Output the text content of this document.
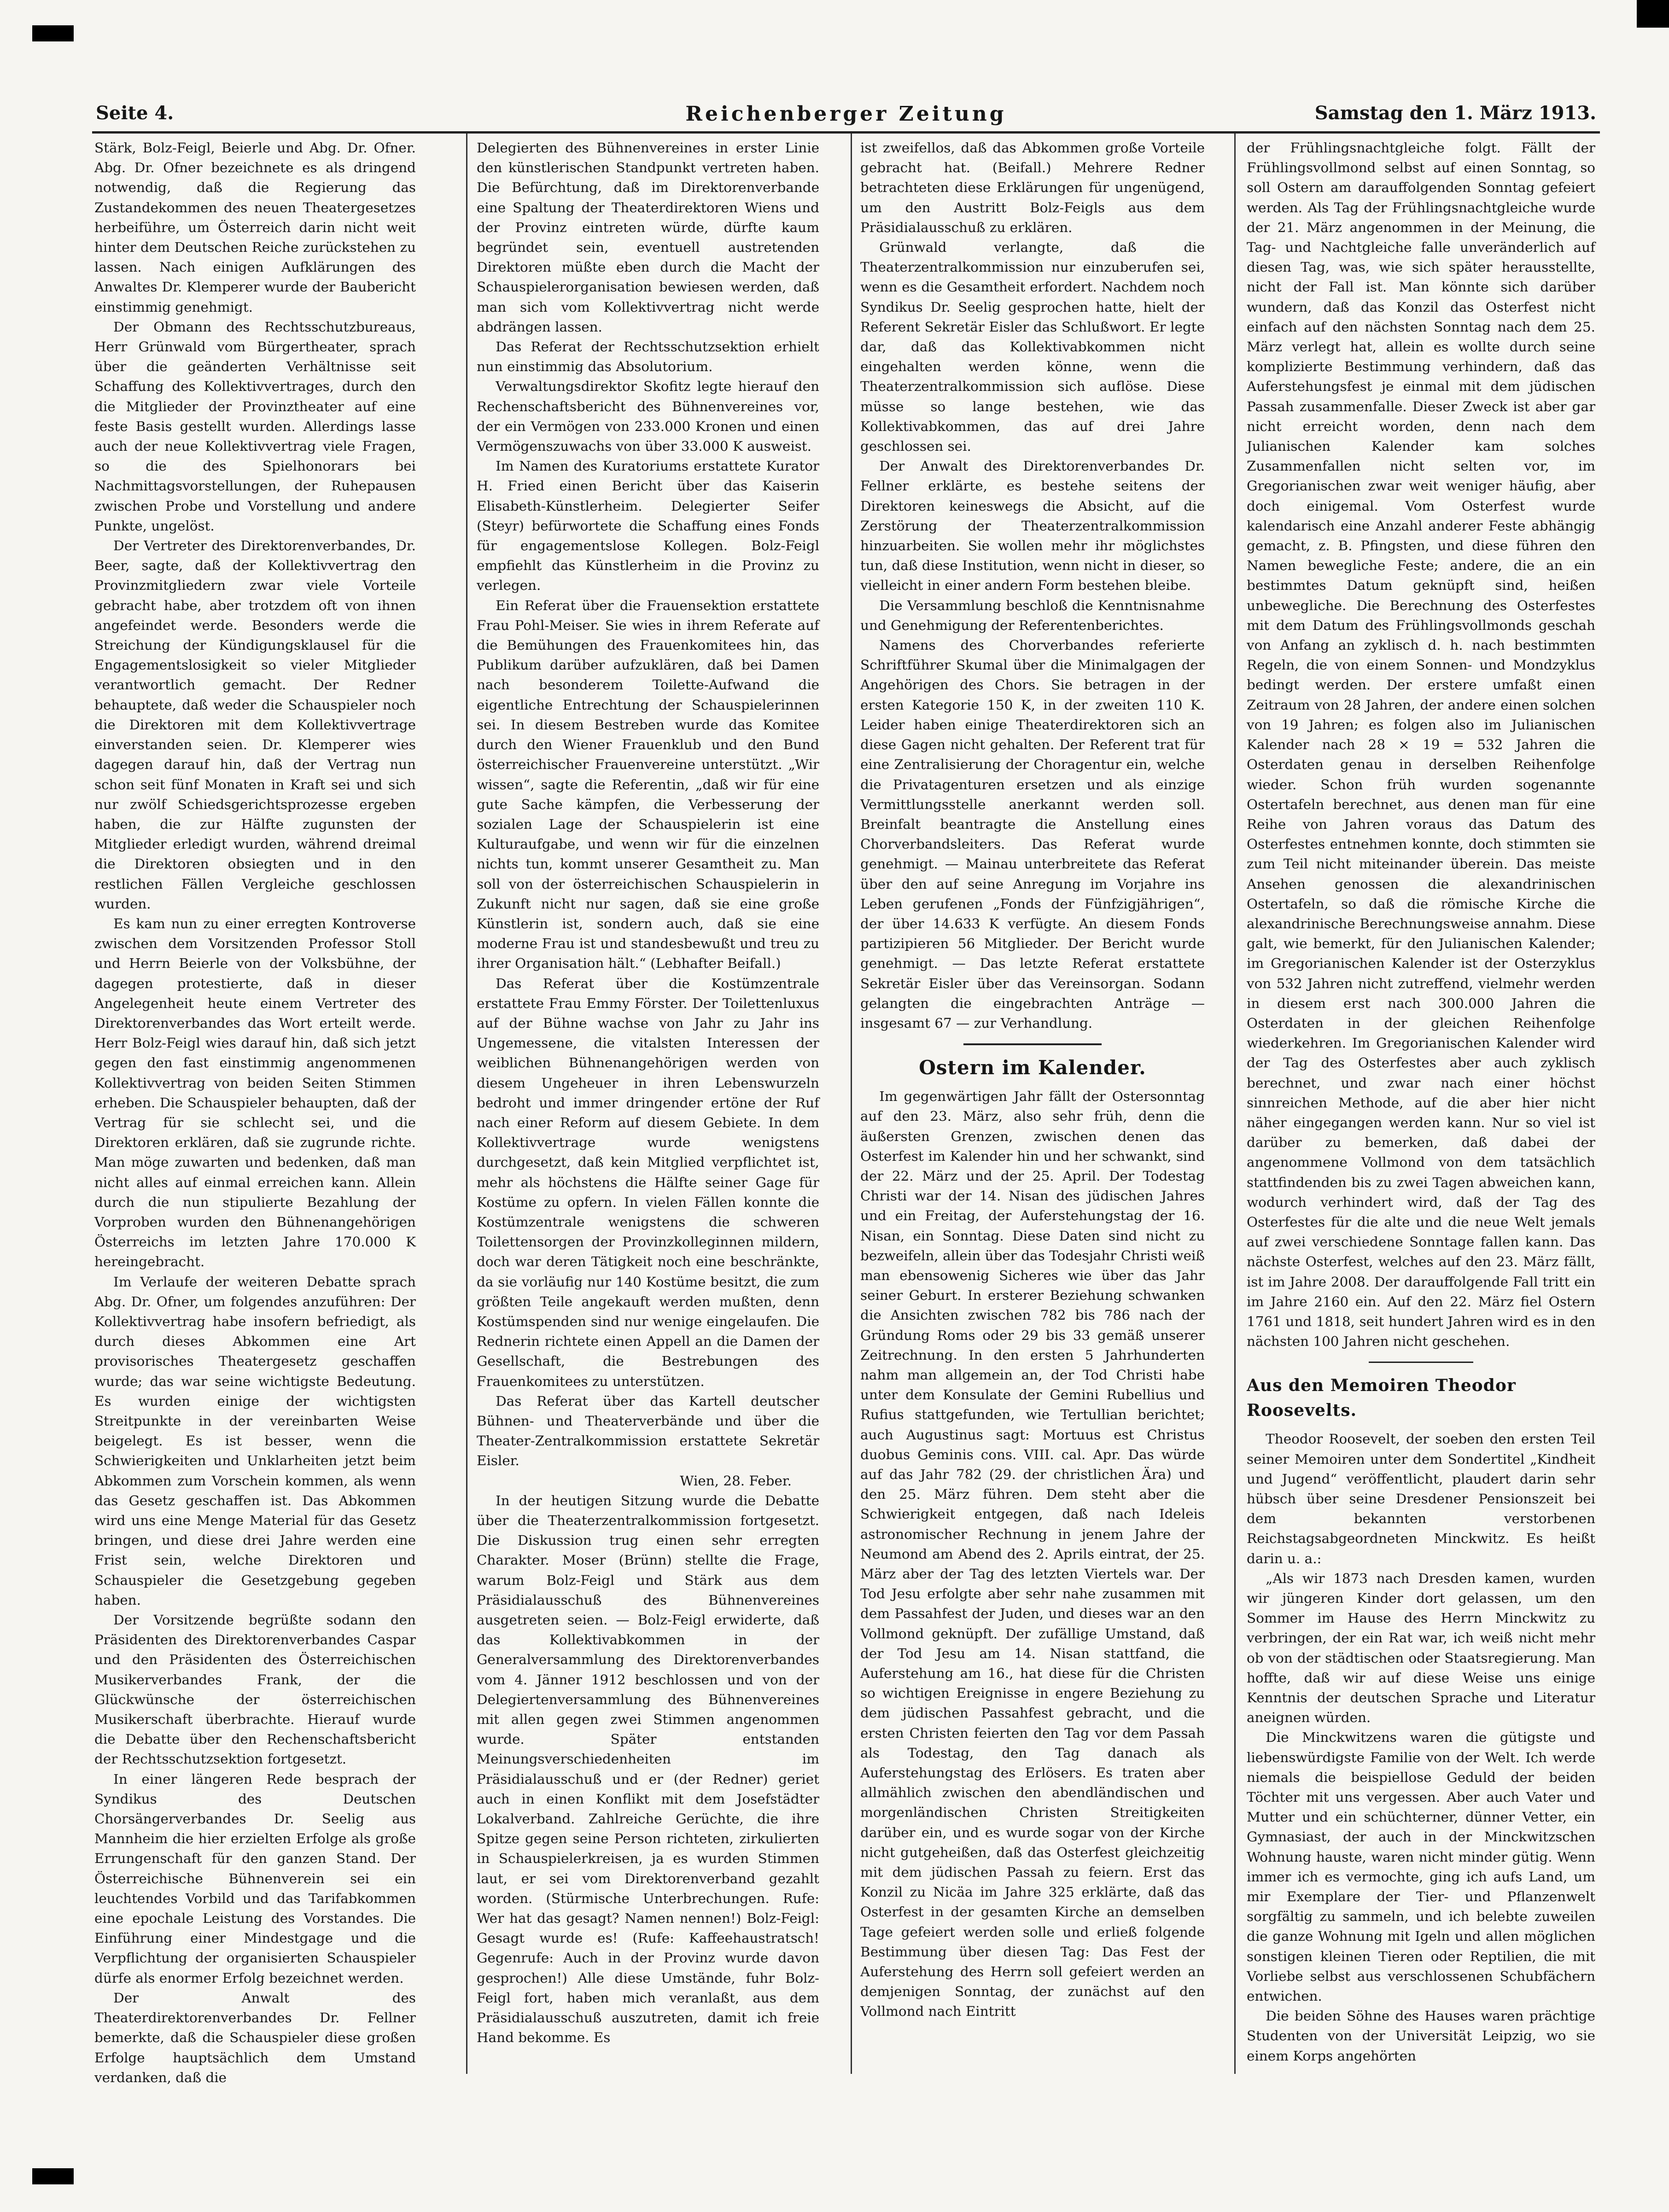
Seite 4.	Reichenberger Zeitung	Samstag den 1. März 1913.

Stärk, Bolz-Feigl, Beierle und Abg. Dr. Ofner. Abg. Dr. Ofner bezeichnete es als dringend notwendig, daß die Regierung das Zustandekommen des neuen Theatergesetzes herbeiführe, um Österreich darin nicht weit hinter dem Deutschen Reiche zurückstehen zu lassen. Nach einigen Aufklärungen des Anwaltes Dr. Klemperer wurde der Baubericht einstimmig genehmigt.

Der Obmann des Rechtsschutzbureaus, Herr Grünwald vom Bürgertheater, sprach über die geänderten Verhältnisse seit Schaffung des Kollektivvertrages, durch den die Mitglieder der Provinztheater auf eine feste Basis gestellt wurden. Allerdings lasse auch der neue Kollektivvertrag viele Fragen, so die des Spielhonorars bei Nachmittagsvorstellungen, der Ruhepausen zwischen Probe und Vorstellung und andere Punkte, ungelöst.

Der Vertreter des Direktorenverbandes, Dr. Beer, sagte, daß der Kollektivvertrag den Provinzmitgliedern zwar viele Vorteile gebracht habe, aber trotzdem oft von ihnen angefeindet werde. Besonders werde die Streichung der Kündigungsklausel für die Engagementslosigkeit so vieler Mitglieder verantwortlich gemacht. Der Redner behauptete, daß weder die Schauspieler noch die Direktoren mit dem Kollektivvertrage einverstanden seien. Dr. Klemperer wies dagegen darauf hin, daß der Vertrag nun schon seit fünf Monaten in Kraft sei und sich nur zwölf Schiedsgerichtsprozesse ergeben haben, die zur Hälfte zugunsten der Mitglieder erledigt wurden, während dreimal die Direktoren obsiegten und in den restlichen Fällen Vergleiche geschlossen wurden.

Es kam nun zu einer erregten Kontroverse zwischen dem Vorsitzenden Professor Stoll und Herrn Beierle von der Volksbühne, der dagegen protestierte, daß in dieser Angelegenheit heute einem Vertreter des Direktorenverbandes das Wort erteilt werde. Herr Bolz-Feigl wies darauf hin, daß sich jetzt gegen den fast einstimmig angenommenen Kollektivvertrag von beiden Seiten Stimmen erheben. Die Schauspieler behaupten, daß der Vertrag für sie schlecht sei, und die Direktoren erklären, daß sie zugrunde richte. Man möge zuwarten und bedenken, daß man nicht alles auf einmal erreichen kann. Allein durch die nun stipulierte Bezahlung der Vorproben wurden den Bühnenangehörigen Österreichs im letzten Jahre 170.000 K hereingebracht.

Im Verlaufe der weiteren Debatte sprach Abg. Dr. Ofner, um folgendes anzuführen: Der Kollektivvertrag habe insofern befriedigt, als durch dieses Abkommen eine Art provisorisches Theatergesetz geschaffen wurde; das war seine wichtigste Bedeutung. Es wurden einige der wichtigsten Streitpunkte in der vereinbarten Weise beigelegt. Es ist besser, wenn die Schwierigkeiten und Unklarheiten jetzt beim Abkommen zum Vorschein kommen, als wenn das Gesetz geschaffen ist. Das Abkommen wird uns eine Menge Material für das Gesetz bringen, und diese drei Jahre werden eine Frist sein, welche Direktoren und Schauspieler die Gesetzgebung gegeben haben.

Der Vorsitzende begrüßte sodann den Präsidenten des Direktorenverbandes Caspar und den Präsidenten des Österreichischen Musikerverbandes Frank, der die Glückwünsche der österreichischen Musikerschaft überbrachte. Hierauf wurde die Debatte über den Rechenschaftsbericht der Rechtsschutzsektion fortgesetzt.

In einer längeren Rede besprach der Syndikus des Deutschen Chorsängerverbandes Dr. Seelig aus Mannheim die hier erzielten Erfolge als große Errungenschaft für den ganzen Stand. Der Österreichische Bühnenverein sei ein leuchtendes Vorbild und das Tarifabkommen eine epochale Leistung des Vorstandes. Die Einführung einer Mindestgage und die Verpflichtung der organisierten Schauspieler dürfe als enormer Erfolg bezeichnet werden.

Der Anwalt des Theaterdirektorenverbandes Dr. Fellner bemerkte, daß die Schauspieler diese großen Erfolge hauptsächlich dem Umstand verdanken, daß die

Delegierten des Bühnenvereines in erster Linie den künstlerischen Standpunkt vertreten haben. Die Befürchtung, daß im Direktorenverbande eine Spaltung der Theaterdirektoren Wiens und der Provinz eintreten würde, dürfte kaum begründet sein, eventuell austretenden Direktoren müßte eben durch die Macht der Schauspielerorganisation bewiesen werden, daß man sich vom Kollektivvertrag nicht werde abdrängen lassen.

Das Referat der Rechtsschutzsektion erhielt nun einstimmig das Absolutorium.

Verwaltungsdirektor Skofitz legte hierauf den Rechenschaftsbericht des Bühnenvereines vor, der ein Vermögen von 233.000 Kronen und einen Vermögenszuwachs von über 33.000 K ausweist.

Im Namen des Kuratoriums erstattete Kurator H. Fried einen Bericht über das Kaiserin Elisabeth-Künstlerheim. Delegierter Seifer (Steyr) befürwortete die Schaffung eines Fonds für engagementslose Kollegen. Bolz-Feigl empfiehlt das Künstlerheim in die Provinz zu verlegen.

Ein Referat über die Frauensektion erstattete Frau Pohl-Meiser. Sie wies in ihrem Referate auf die Bemühungen des Frauenkomitees hin, das Publikum darüber aufzuklären, daß bei Damen nach besonderem Toilette-Aufwand die eigentliche Entrechtung der Schauspielerinnen sei. In diesem Bestreben wurde das Komitee durch den Wiener Frauenklub und den Bund österreichischer Frauenvereine unterstützt. „Wir wissen“, sagte die Referentin, „daß wir für eine gute Sache kämpfen, die Verbesserung der sozialen Lage der Schauspielerin ist eine Kulturaufgabe, und wenn wir für die einzelnen nichts tun, kommt unserer Gesamtheit zu. Man soll von der österreichischen Schauspielerin in Zukunft nicht nur sagen, daß sie eine große Künstlerin ist, sondern auch, daß sie eine moderne Frau ist und standesbewußt und treu zu ihrer Organisation hält.“ (Lebhafter Beifall.)

Das Referat über die Kostümzentrale erstattete Frau Emmy Förster. Der Toilettenluxus auf der Bühne wachse von Jahr zu Jahr ins Ungemessene, die vitalsten Interessen der weiblichen Bühnenangehörigen werden von diesem Ungeheuer in ihren Lebenswurzeln bedroht und immer dringender ertöne der Ruf nach einer Reform auf diesem Gebiete. In dem Kollektivvertrage wurde wenigstens durchgesetzt, daß kein Mitglied verpflichtet ist, mehr als höchstens die Hälfte seiner Gage für Kostüme zu opfern. In vielen Fällen konnte die Kostümzentrale wenigstens die schweren Toilettensorgen der Provinzkolleginnen mildern, doch war deren Tätigkeit noch eine beschränkte, da sie vorläufig nur 140 Kostüme besitzt, die zum größten Teile angekauft werden mußten, denn Kostümspenden sind nur wenige eingelaufen. Die Rednerin richtete einen Appell an die Damen der Gesellschaft, die Bestrebungen des Frauenkomitees zu unterstützen.

Das Referat über das Kartell deutscher Bühnen- und Theaterverbände und über die Theater-Zentralkommission erstattete Sekretär Eisler.

Wien, 28. Feber.

In der heutigen Sitzung wurde die Debatte über die Theaterzentralkommission fortgesetzt. Die Diskussion trug einen sehr erregten Charakter. Moser (Brünn) stellte die Frage, warum Bolz-Feigl und Stärk aus dem Präsidialausschuß des Bühnenvereines ausgetreten seien. — Bolz-Feigl erwiderte, daß das Kollektivabkommen in der Generalversammlung des Direktorenverbandes vom 4. Jänner 1912 beschlossen und von der Delegiertenversammlung des Bühnenvereines mit allen gegen zwei Stimmen angenommen wurde. Später entstanden Meinungsverschiedenheiten im Präsidialausschuß und er (der Redner) geriet auch in einen Konflikt mit dem Josefstädter Lokalverband. Zahlreiche Gerüchte, die ihre Spitze gegen seine Person richteten, zirkulierten in Schauspielerkreisen, ja es wurden Stimmen laut, er sei vom Direktorenverband gezahlt worden. (Stürmische Unterbrechungen. Rufe: Wer hat das gesagt? Namen nennen!) Bolz-Feigl: Gesagt wurde es! (Rufe: Kaffeehaustratsch! Gegenrufe: Auch in der Provinz wurde davon gesprochen!) Alle diese Umstände, fuhr Bolz-Feigl fort, haben mich veranlaßt, aus dem Präsidialausschuß auszutreten, damit ich freie Hand bekomme. Es

ist zweifellos, daß das Abkommen große Vorteile gebracht hat. (Beifall.) Mehrere Redner betrachteten diese Erklärungen für ungenügend, um den Austritt Bolz-Feigls aus dem Präsidialausschuß zu erklären.

Grünwald verlangte, daß die Theaterzentralkommission nur einzuberufen sei, wenn es die Gesamtheit erfordert. Nachdem noch Syndikus Dr. Seelig gesprochen hatte, hielt der Referent Sekretär Eisler das Schlußwort. Er legte dar, daß das Kollektivabkommen nicht eingehalten werden könne, wenn die Theaterzentralkommission sich auflöse. Diese müsse so lange bestehen, wie das Kollektivabkommen, das auf drei Jahre geschlossen sei.

Der Anwalt des Direktorenverbandes Dr. Fellner erklärte, es bestehe seitens der Direktoren keineswegs die Absicht, auf die Zerstörung der Theaterzentralkommission hinzuarbeiten. Sie wollen mehr ihr möglichstes tun, daß diese Institution, wenn nicht in dieser, so vielleicht in einer andern Form bestehen bleibe.

Die Versammlung beschloß die Kenntnisnahme und Genehmigung der Referentenberichtes.

Namens des Chorverbandes referierte Schriftführer Skumal über die Minimalgagen der Angehörigen des Chors. Sie betragen in der ersten Kategorie 150 K, in der zweiten 110 K. Leider haben einige Theaterdirektoren sich an diese Gagen nicht gehalten. Der Referent trat für eine Zentralisierung der Choragentur ein, welche die Privatagenturen ersetzen und als einzige Vermittlungsstelle anerkannt werden soll. Breinfalt beantragte die Anstellung eines Chorverbandsleiters. Das Referat wurde genehmigt. — Mainau unterbreitete das Referat über den auf seine Anregung im Vorjahre ins Leben gerufenen „Fonds der Fünfzigjährigen“, der über 14.633 K verfügte. An diesem Fonds partizipieren 56 Mitglieder. Der Bericht wurde genehmigt. — Das letzte Referat erstattete Sekretär Eisler über das Vereinsorgan. Sodann gelangten die eingebrachten Anträge — insgesamt 67 — zur Verhandlung.

Ostern im Kalender.

Im gegenwärtigen Jahr fällt der Ostersonntag auf den 23. März, also sehr früh, denn die äußersten Grenzen, zwischen denen das Osterfest im Kalender hin und her schwankt, sind der 22. März und der 25. April. Der Todestag Christi war der 14. Nisan des jüdischen Jahres und ein Freitag, der Auferstehungstag der 16. Nisan, ein Sonntag. Diese Daten sind nicht zu bezweifeln, allein über das Todesjahr Christi weiß man ebensowenig Sicheres wie über das Jahr seiner Geburt. In ersterer Beziehung schwanken die Ansichten zwischen 782 bis 786 nach der Gründung Roms oder 29 bis 33 gemäß unserer Zeitrechnung. In den ersten 5 Jahrhunderten nahm man allgemein an, der Tod Christi habe unter dem Konsulate der Gemini Rubellius und Rufius stattgefunden, wie Tertullian berichtet; auch Augustinus sagt: Mortuus est Christus duobus Geminis cons. VIII. cal. Apr. Das würde auf das Jahr 782 (29. der christlichen Ära) und den 25. März führen. Dem steht aber die Schwierigkeit entgegen, daß nach Ideleis astronomischer Rechnung in jenem Jahre der Neumond am Abend des 2. Aprils eintrat, der 25. März aber der Tag des letzten Viertels war. Der Tod Jesu erfolgte aber sehr nahe zusammen mit dem Passahfest der Juden, und dieses war an den Vollmond geknüpft. Der zufällige Umstand, daß der Tod Jesu am 14. Nisan stattfand, die Auferstehung am 16., hat diese für die Christen so wichtigen Ereignisse in engere Beziehung zu dem jüdischen Passahfest gebracht, und die ersten Christen feierten den Tag vor dem Passah als Todestag, den Tag danach als Auferstehungstag des Erlösers. Es traten aber allmählich zwischen den abendländischen und morgenländischen Christen Streitigkeiten darüber ein, und es wurde sogar von der Kirche nicht gutgeheißen, daß das Osterfest gleichzeitig mit dem jüdischen Passah zu feiern. Erst das Konzil zu Nicäa im Jahre 325 erklärte, daß das Osterfest in der gesamten Kirche an demselben Tage gefeiert werden solle und erließ folgende Bestimmung über diesen Tag: Das Fest der Auferstehung des Herrn soll gefeiert werden an demjenigen Sonntag, der zunächst auf den Vollmond nach Eintritt

der Frühlingsnachtgleiche folgt. Fällt der Frühlingsvollmond selbst auf einen Sonntag, so soll Ostern am darauffolgenden Sonntag gefeiert werden. Als Tag der Frühlingsnachtgleiche wurde der 21. März angenommen in der Meinung, die Tag- und Nachtgleiche falle unveränderlich auf diesen Tag, was, wie sich später herausstellte, nicht der Fall ist. Man könnte sich darüber wundern, daß das Konzil das Osterfest nicht einfach auf den nächsten Sonntag nach dem 25. März verlegt hat, allein es wollte durch seine komplizierte Bestimmung verhindern, daß das Auferstehungsfest je einmal mit dem jüdischen Passah zusammenfalle. Dieser Zweck ist aber gar nicht erreicht worden, denn nach dem Julianischen Kalender kam solches Zusammenfallen nicht selten vor, im Gregorianischen zwar weit weniger häufig, aber doch einigemal. Vom Osterfest wurde kalendarisch eine Anzahl anderer Feste abhängig gemacht, z. B. Pfingsten, und diese führen den Namen bewegliche Feste; andere, die an ein bestimmtes Datum geknüpft sind, heißen unbewegliche. Die Berechnung des Osterfestes mit dem Datum des Frühlingsvollmonds geschah von Anfang an zyklisch d. h. nach bestimmten Regeln, die von einem Sonnen- und Mondzyklus bedingt werden. Der erstere umfaßt einen Zeitraum von 28 Jahren, der andere einen solchen von 19 Jahren; es folgen also im Julianischen Kalender nach 28 × 19 = 532 Jahren die Osterdaten genau in derselben Reihenfolge wieder. Schon früh wurden sogenannte Ostertafeln berechnet, aus denen man für eine Reihe von Jahren voraus das Datum des Osterfestes entnehmen konnte, doch stimmten sie zum Teil nicht miteinander überein. Das meiste Ansehen genossen die alexandrinischen Ostertafeln, so daß die römische Kirche die alexandrinische Berechnungsweise annahm. Diese galt, wie bemerkt, für den Julianischen Kalender; im Gregorianischen Kalender ist der Osterzyklus von 532 Jahren nicht zutreffend, vielmehr werden in diesem erst nach 300.000 Jahren die Osterdaten in der gleichen Reihenfolge wiederkehren. Im Gregorianischen Kalender wird der Tag des Osterfestes aber auch zyklisch berechnet, und zwar nach einer höchst sinnreichen Methode, auf die aber hier nicht näher eingegangen werden kann. Nur so viel ist darüber zu bemerken, daß dabei der angenommene Vollmond von dem tatsächlich stattfindenden bis zu zwei Tagen abweichen kann, wodurch verhindert wird, daß der Tag des Osterfestes für die alte und die neue Welt jemals auf zwei verschiedene Sonntage fallen kann. Das nächste Osterfest, welches auf den 23. März fällt, ist im Jahre 2008. Der darauffolgende Fall tritt ein im Jahre 2160 ein. Auf den 22. März fiel Ostern 1761 und 1818, seit hundert Jahren wird es in den nächsten 100 Jahren nicht geschehen.

Aus den Memoiren Theodor Roosevelts.

Theodor Roosevelt, der soeben den ersten Teil seiner Memoiren unter dem Sondertitel „Kindheit und Jugend“ veröffentlicht, plaudert darin sehr hübsch über seine Dresdener Pensionszeit bei dem bekannten verstorbenen Reichstagsabgeordneten Minckwitz. Es heißt darin u. a.:

„Als wir 1873 nach Dresden kamen, wurden wir jüngeren Kinder dort gelassen, um den Sommer im Hause des Herrn Minckwitz zu verbringen, der ein Rat war, ich weiß nicht mehr ob von der städtischen oder Staatsregierung. Man hoffte, daß wir auf diese Weise uns einige Kenntnis der deutschen Sprache und Literatur aneignen würden.

Die Minckwitzens waren die gütigste und liebenswürdigste Familie von der Welt. Ich werde niemals die beispiellose Geduld der beiden Töchter mit uns vergessen. Aber auch Vater und Mutter und ein schüchterner, dünner Vetter, ein Gymnasiast, der auch in der Minckwitzschen Wohnung hauste, waren nicht minder gütig. Wenn immer ich es vermochte, ging ich aufs Land, um mir Exemplare der Tier- und Pflanzenwelt sorgfältig zu sammeln, und ich belebte zuweilen die ganze Wohnung mit Igeln und allen möglichen sonstigen kleinen Tieren oder Reptilien, die mit Vorliebe selbst aus verschlossenen Schubfächern entwichen.

Die beiden Söhne des Hauses waren prächtige Studenten von der Universität Leipzig, wo sie einem Korps angehörten
